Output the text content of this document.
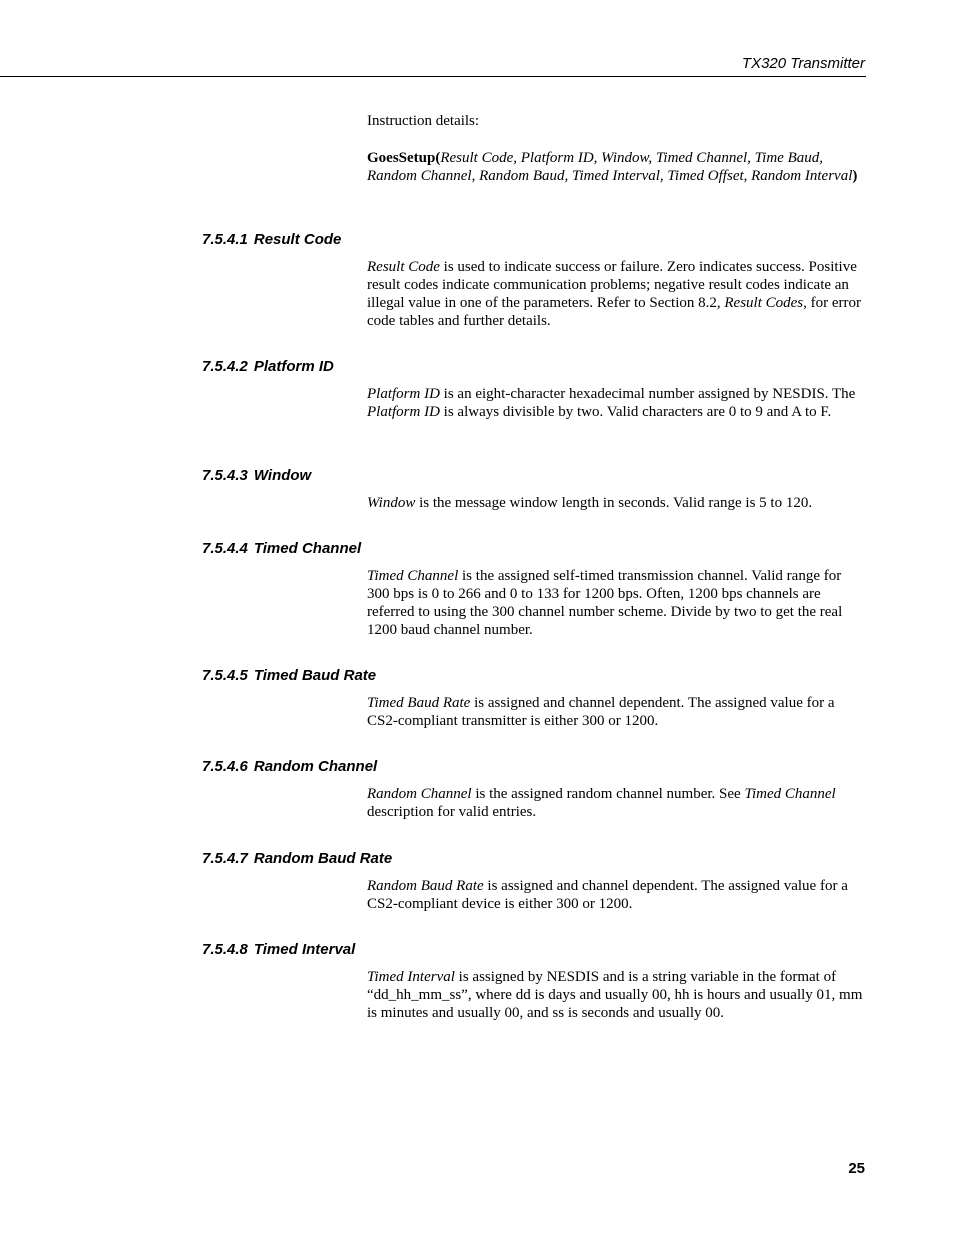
TX320 Transmitter

Instruction details:

GoesSetup(Result Code, Platform ID, Window, Timed Channel, Time Baud, Random Channel, Random Baud, Timed Interval, Timed Offset, Random Interval)

7.5.4.1 Result Code

Result Code is used to indicate success or failure. Zero indicates success. Positive result codes indicate communication problems; negative result codes indicate an illegal value in one of the parameters. Refer to Section 8.2, Result Codes, for error code tables and further details.

7.5.4.2 Platform ID

Platform ID is an eight-character hexadecimal number assigned by NESDIS. The Platform ID is always divisible by two. Valid characters are 0 to 9 and A to F.

7.5.4.3 Window

Window is the message window length in seconds. Valid range is 5 to 120.

7.5.4.4 Timed Channel

Timed Channel is the assigned self-timed transmission channel. Valid range for 300 bps is 0 to 266 and 0 to 133 for 1200 bps. Often, 1200 bps channels are referred to using the 300 channel number scheme. Divide by two to get the real 1200 baud channel number.

7.5.4.5 Timed Baud Rate

Timed Baud Rate is assigned and channel dependent. The assigned value for a CS2-compliant transmitter is either 300 or 1200.

7.5.4.6 Random Channel

Random Channel is the assigned random channel number. See Timed Channel description for valid entries.

7.5.4.7 Random Baud Rate

Random Baud Rate is assigned and channel dependent. The assigned value for a CS2-compliant device is either 300 or 1200.

7.5.4.8 Timed Interval

Timed Interval is assigned by NESDIS and is a string variable in the format of “dd_hh_mm_ss”, where dd is days and usually 00, hh is hours and usually 01, mm is minutes and usually 00, and ss is seconds and usually 00.

25
